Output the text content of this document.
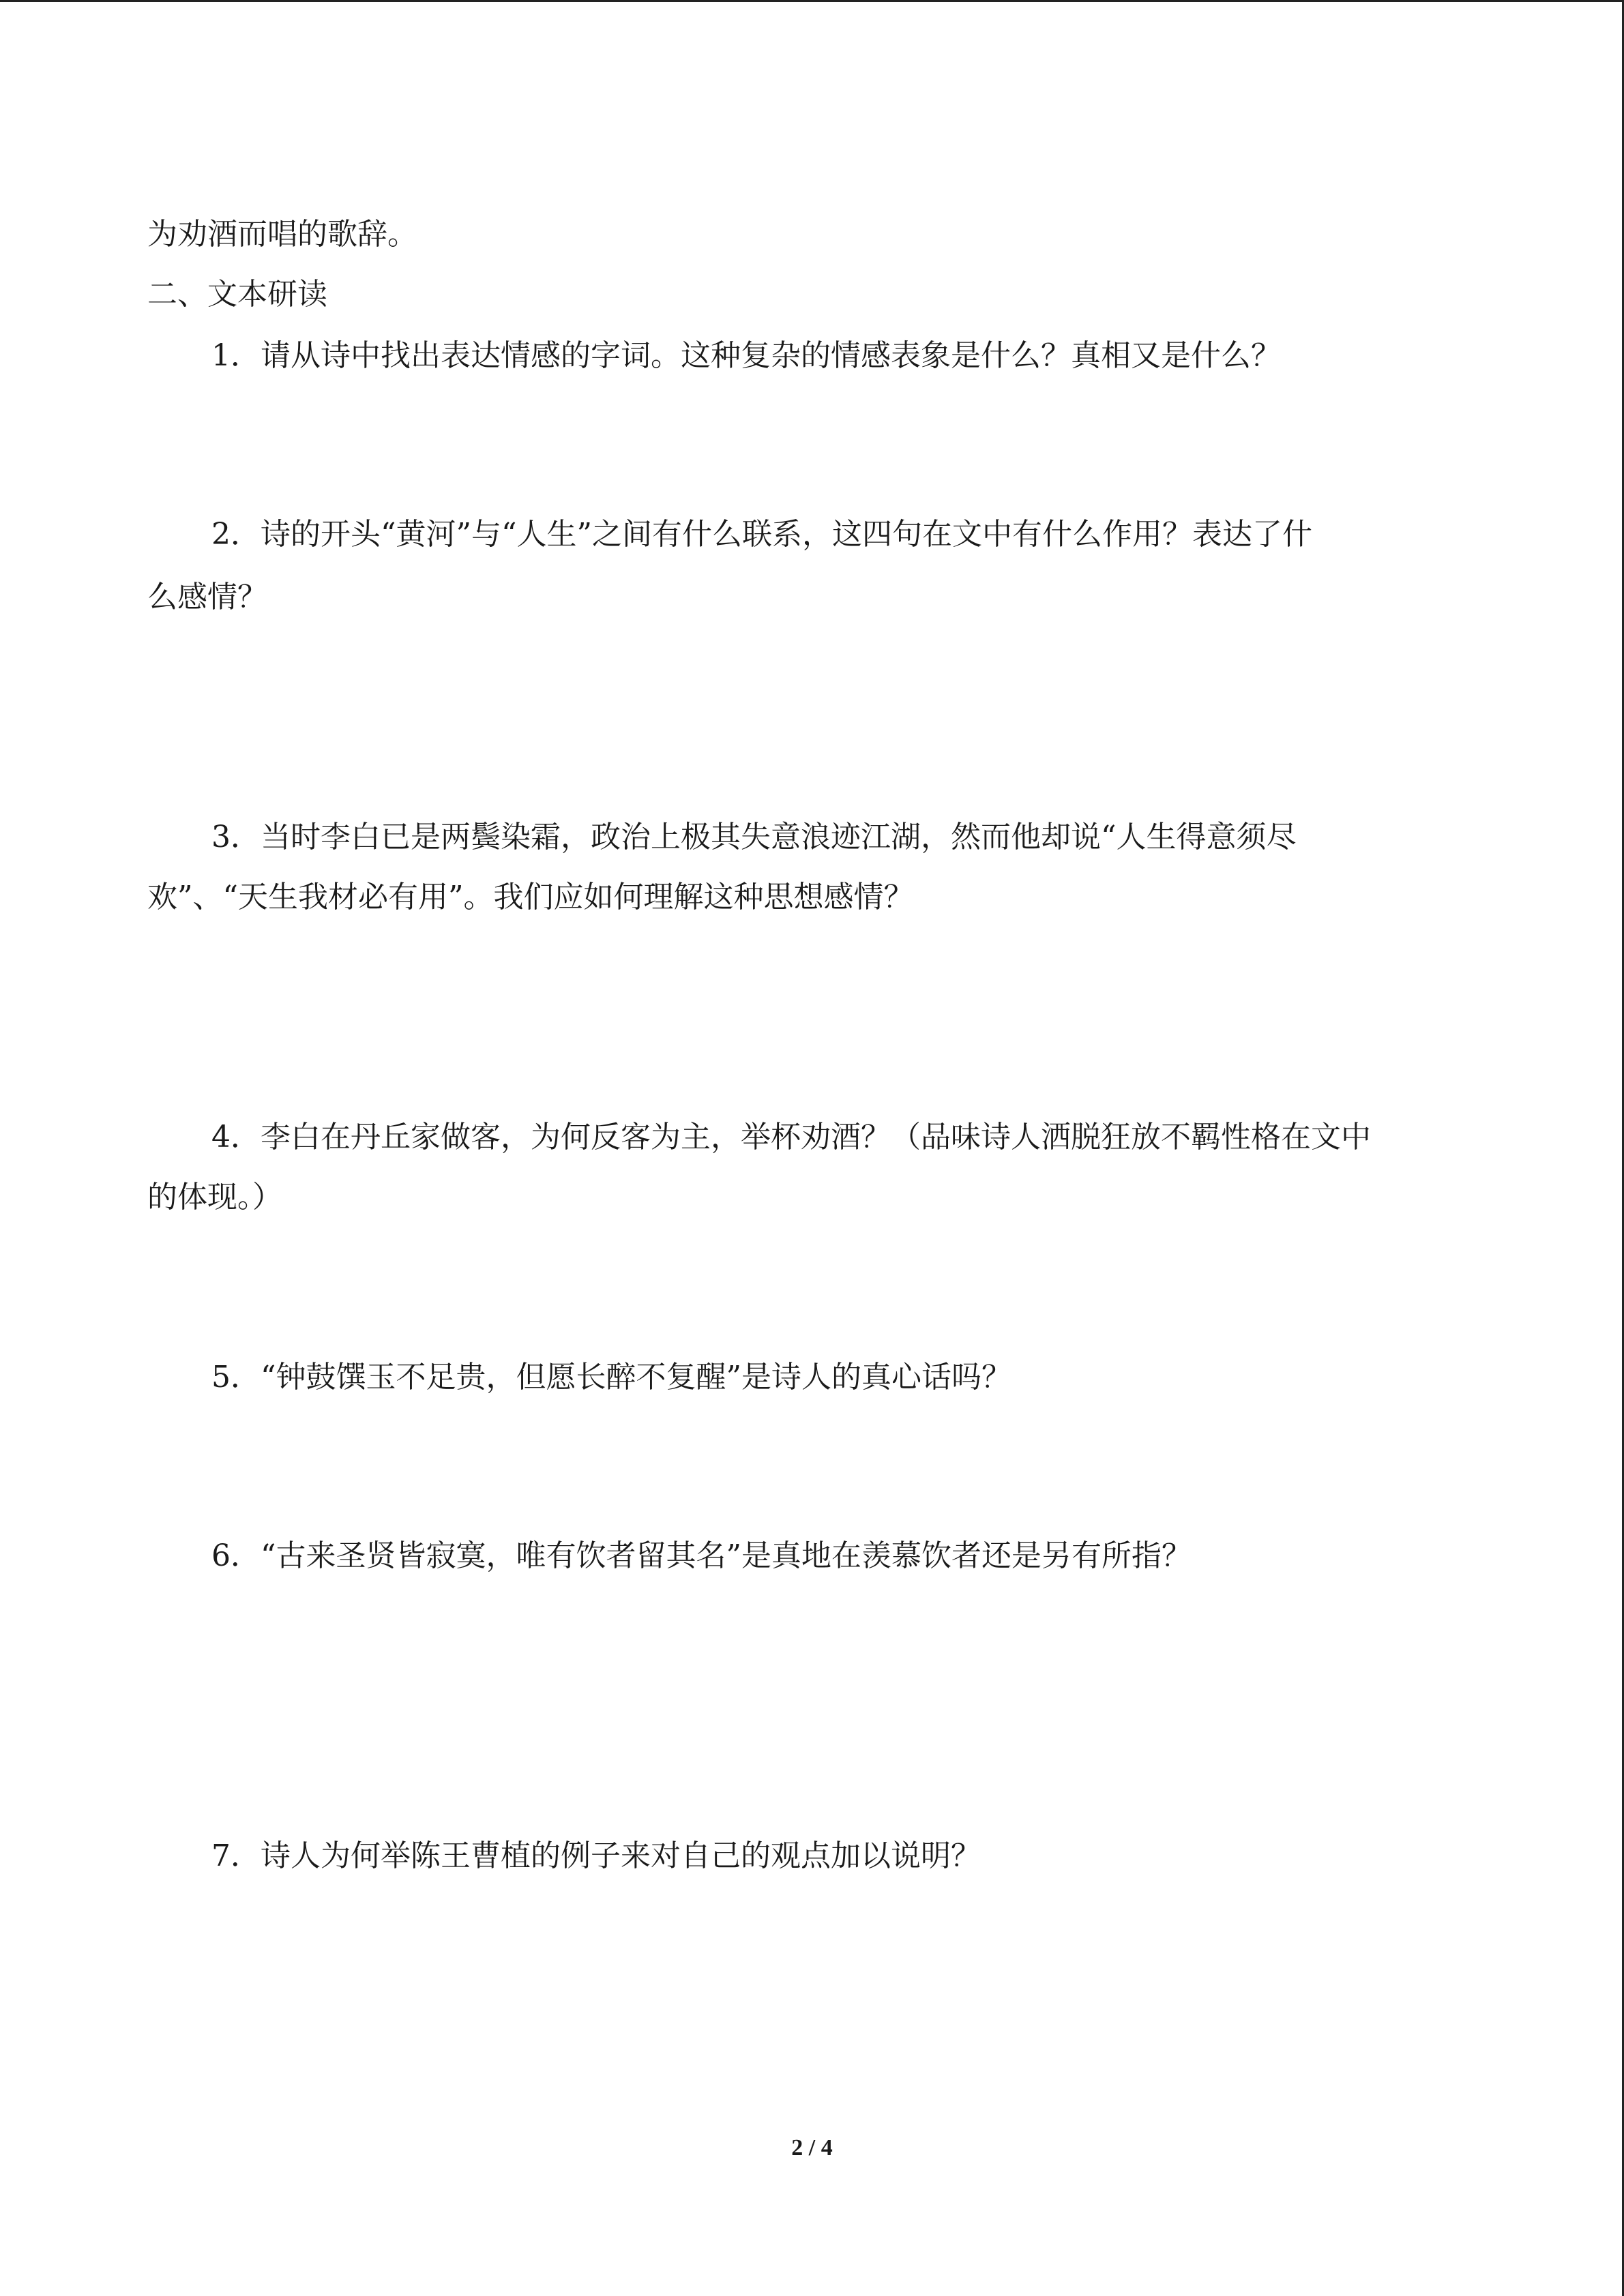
为劝酒而唱的歌辞。
二、文本研读
1．请从诗中找出表达情感的字词。这种复杂的情感表象是什么？真相又是什么？
2．诗的开头“黄河”与“人生”之间有什么联系，这四句在文中有什么作用？表达了什
么感情？
3．当时李白已是两鬓染霜，政治上极其失意浪迹江湖，然而他却说“人生得意须尽
欢”、“天生我材必有用”。我们应如何理解这种思想感情？
4．李白在丹丘家做客，为何反客为主，举杯劝酒？（品味诗人洒脱狂放不羁性格在文中
的体现。）
5．“钟鼓馔玉不足贵，但愿长醉不复醒”是诗人的真心话吗？
6．“古来圣贤皆寂寞，唯有饮者留其名”是真地在羡慕饮者还是另有所指？
7．诗人为何举陈王曹植的例子来对自己的观点加以说明？
2 / 4
